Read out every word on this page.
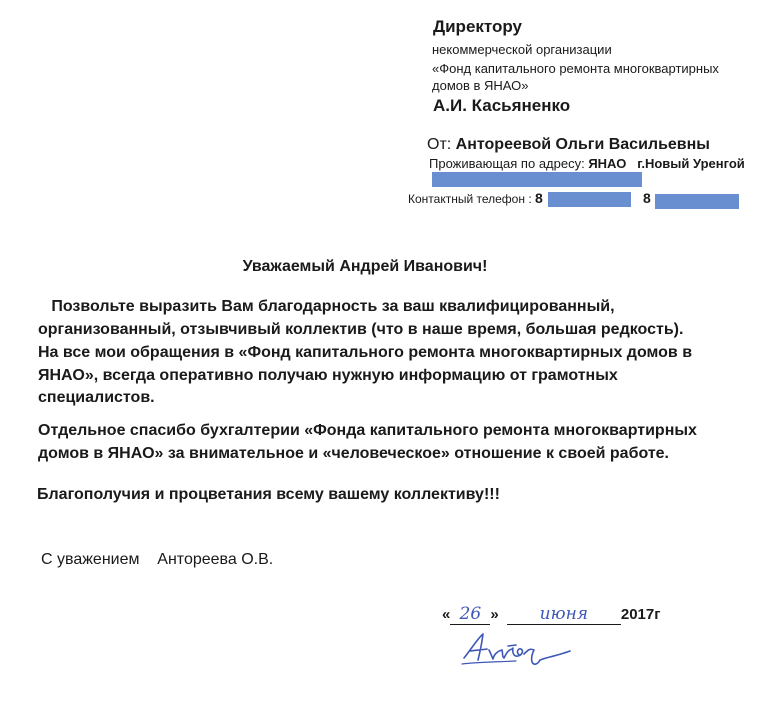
Директору
некоммерческой организации
«Фонд капитального ремонта многоквартирных
домов в ЯНАО»
А.И. Касьяненко
От: Антореевой Ольги Васильевны
Проживающая по адресу: ЯНАО г.Новый Уренгой
Контактный телефон : 8	8
Уважаемый Андрей Иванович!
Позвольте выразить Вам благодарность за ваш квалифицированный,
организованный, отзывчивый коллектив (что в наше время, большая редкость).
На все мои обращения в «Фонд капитального ремонта многоквартирных домов в
ЯНАО», всегда оперативно получаю нужную информацию от грамотных
специалистов.
Отдельное спасибо бухгалтерии «Фонда капитального ремонта многоквартирных
домов в ЯНАО» за внимательное и «человеческое» отношение к своей работе.
Благополучия и процветания всему вашему коллективу!!!
С уважением Антореева О.В.
« 26 » июня 2017г
